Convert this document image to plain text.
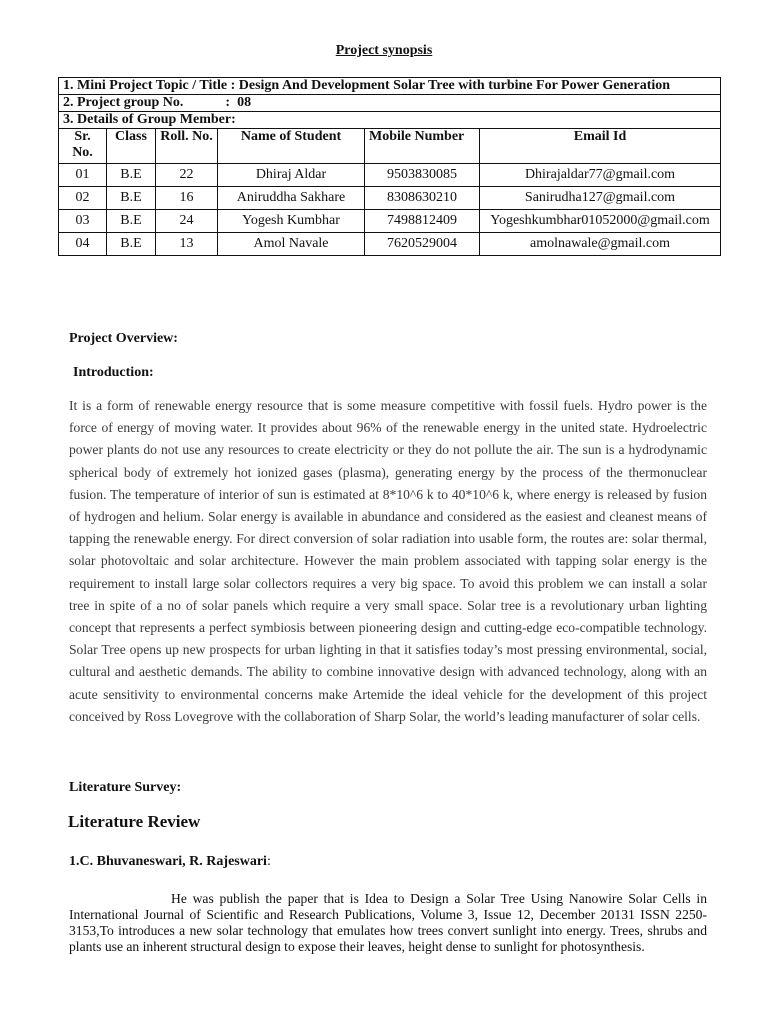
Project synopsis
1. Mini Project Topic / Title : Design And Development Solar Tree with turbine For Power Generation					
2. Project group No.            :  08					
3. Details of Group Member:					
Sr. No.	Class	Roll. No.	Name of Student	Mobile Number	Email Id
01	B.E	22	Dhiraj Aldar	9503830085	Dhirajaldar77@gmail.com
02	B.E	16	Aniruddha Sakhare	8308630210	Sanirudha127@gmail.com
03	B.E	24	Yogesh Kumbhar	7498812409	Yogeshkumbhar01052000@gmail.com
04	B.E	13	Amol Navale	7620529004	amolnawale@gmail.com
Project Overview:
Introduction:
It is a form of renewable energy resource that is some measure competitive with fossil fuels. Hydro power is the force of energy of moving water. It provides about 96% of the renewable energy in the united state. Hydroelectric power plants do not use any resources to create electricity or they do not pollute the air. The sun is a hydrodynamic spherical body of extremely hot ionized gases (plasma), generating energy by the process of the thermonuclear fusion. The temperature of interior of sun is estimated at 8*10^6 k to 40*10^6 k, where energy is released by fusion of hydrogen and helium. Solar energy is available in abundance and considered as the easiest and cleanest means of tapping the renewable energy. For direct conversion of solar radiation into usable form, the routes are: solar thermal, solar photovoltaic and solar architecture. However the main problem associated with tapping solar energy is the requirement to install large solar collectors requires a very big space. To avoid this problem we can install a solar tree in spite of a no of solar panels which require a very small space. Solar tree is a revolutionary urban lighting concept that represents a perfect symbiosis between pioneering design and cutting-edge eco-compatible technology. Solar Tree opens up new prospects for urban lighting in that it satisfies today’s most pressing environmental, social, cultural and aesthetic demands. The ability to combine innovative design with advanced technology, along with an acute sensitivity to environmental concerns make Artemide the ideal vehicle for the development of this project conceived by Ross Lovegrove with the collaboration of Sharp Solar, the world’s leading manufacturer of solar cells.
Literature Survey:
Literature Review
1.C. Bhuvaneswari, R. Rajeswari:
He was publish the paper that is Idea to Design a Solar Tree Using Nanowire Solar Cells in International Journal of Scientific and Research Publications, Volume 3, Issue 12, December 20131 ISSN 2250-3153,To introduces a new solar technology that emulates how trees convert sunlight into energy. Trees, shrubs and plants use an inherent structural design to expose their leaves, height dense to sunlight for photosynthesis.
